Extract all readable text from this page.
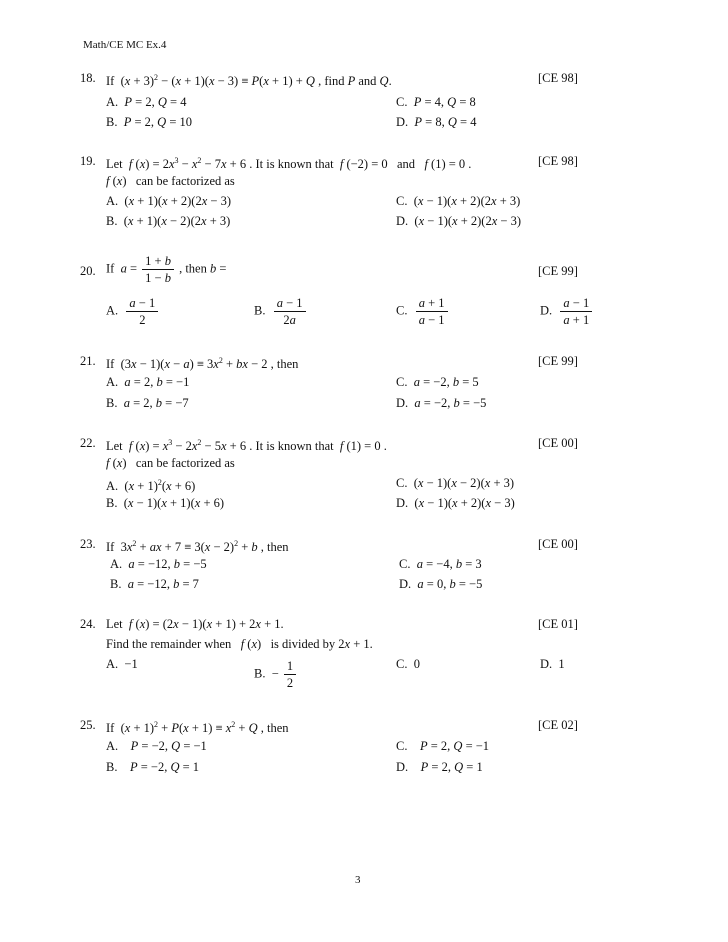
Math/CE MC Ex.4
18. If  $(x + 3)^2 - (x + 1)(x - 3) \equiv P(x + 1) + Q$ , find P and Q.	[CE 98]
A.  P = 2, Q = 4	C.  P = 4, Q = 8
B.  P = 2, Q = 10	D.  P = 8, Q = 4
19. Let  f $(x) = 2x^3 - x^2 - 7x + 6$ . It is known that  f (−2) = 0   and   f (1) = 0 .	[CE 98]
f (x)   can be factorized as
A.  (x + 1)(x + 2)(2x − 3)	C.  (x − 1)(x + 2)(2x + 3)
B.  (x + 1)(x − 2)(2x + 3)	D.  (x − 1)(x + 2)(2x − 3)
20. If  $a = \frac{1 + b}{1 - b}$ , then b =	[CE 99]
A. $\frac{a - 1}{2}$	B. $\frac{a - 1}{2a}$	C. $\frac{a + 1}{a - 1}$	D. $\frac{a - 1}{a + 1}$
21. If  $(3x - 1)(x - a) \equiv 3x^2$ + bx − 2 , then	[CE 99]
A.  a = 2, b = −1	C.  a = −2, b = 5
B.  a = 2, b = −7	D.  a = −2, b = −5
22. Let  f $(x) = x^3 - 2x^2 - 5x + 6$ . It is known that  f (1) = 0 .	[CE 00]
f (x)   can be factorized as
A.  $(x + 1)^2(x + 6)$	C.  (x − 1)(x − 2)(x + 3)
B.  (x − 1)(x + 1)(x + 6)	D.  (x − 1)(x + 2)(x − 3)
23. If  $3x^2$ + ax + $7 \equiv 3(x - 2)^2 + b$ , then	[CE 00]
A.  a = −12, b = −5	C.  a = −4, b = 3
B.  a = −12, b = 7	D.  a = 0, b = −5
24. Let  f (x) = (2x − 1)(x + 1) + 2x + 1.	[CE 01]
Find the remainder when   f (x)   is divided by 2x + 1.
A.  −1
B.  − $\frac{1}{2}$	C.  0	D.  1
25. If  $(x + 1)^2 + P(x + 1) \equiv x^2 + Q$ , then	[CE 02]
A.    P = −2, Q = −1	C.    P = 2, Q = −1
B.    P = −2, Q = 1	D.    P = 2, Q = 1
3
